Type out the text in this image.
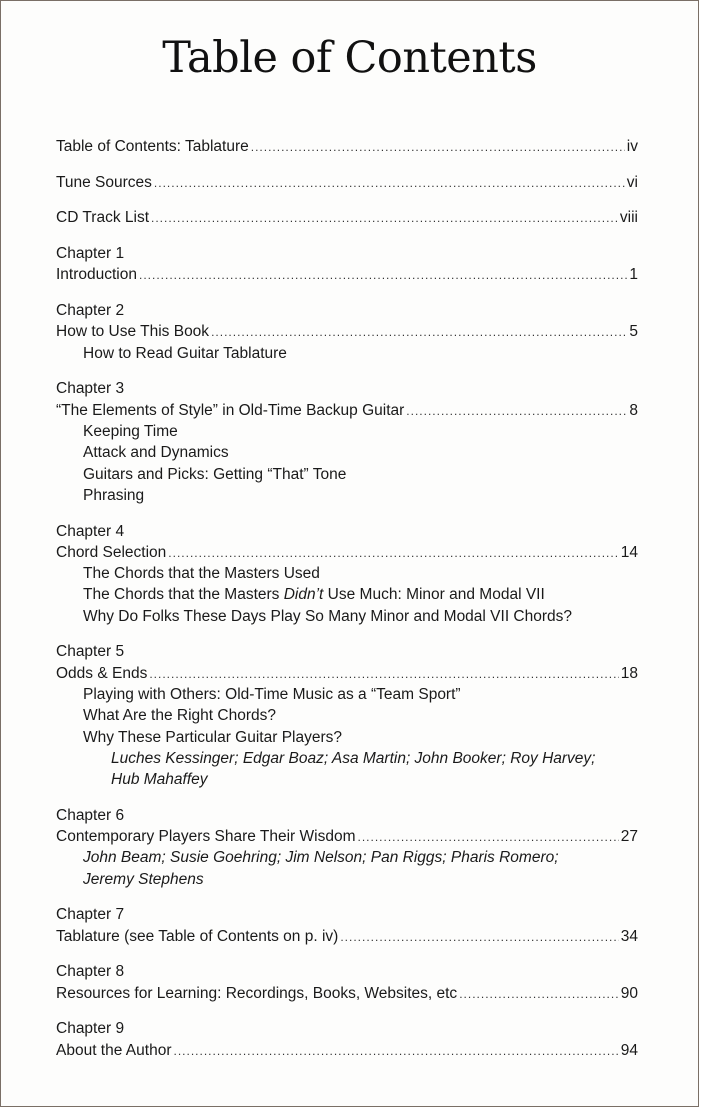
Table of Contents
Table of Contents: Tablature .....	iv
Tune Sources .....	vi
CD Track List .....	viii
Chapter 1
Introduction .....	1
Chapter 2
How to Use This Book .....	5
How to Read Guitar Tablature
Chapter 3
“The Elements of Style” in Old-Time Backup Guitar .....	8
Keeping Time
Attack and Dynamics
Guitars and Picks: Getting “That” Tone
Phrasing
Chapter 4
Chord Selection .....	14
The Chords that the Masters Used
The Chords that the Masters Didn’t Use Much: Minor and Modal VII
Why Do Folks These Days Play So Many Minor and Modal VII Chords?
Chapter 5
Odds & Ends .....	18
Playing with Others: Old-Time Music as a “Team Sport”
What Are the Right Chords?
Why These Particular Guitar Players?
Luches Kessinger; Edgar Boaz; Asa Martin; John Booker; Roy Harvey;
Hub Mahaffey
Chapter 6
Contemporary Players Share Their Wisdom .....	27
John Beam; Susie Goehring; Jim Nelson; Pan Riggs; Pharis Romero;
Jeremy Stephens
Chapter 7
Tablature (see Table of Contents on p. iv) .....	34
Chapter 8
Resources for Learning: Recordings, Books, Websites, etc .....	90
Chapter 9
About the Author .....	94
